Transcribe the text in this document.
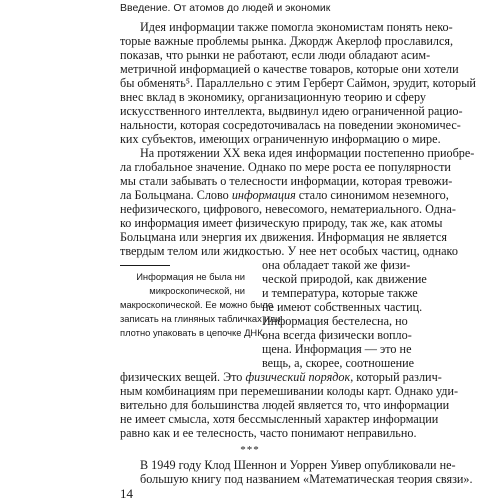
Введение. От атомов до людей и экономик
Идея информации также помогла экономистам понять неко-
торые важные проблемы рынка. Джордж Акерлоф прославился,
показав, что рынки не работают, если люди обладают асим-
метричной информацией о качестве товаров, которые они хотели
бы обменять⁵. Параллельно с этим Герберт Саймон, эрудит, который
внес вклад в экономику, организационную теорию и сферу
искусственного интеллекта, выдвинул идею ограниченной рацио-
нальности, которая сосредоточивалась на поведении экономичес-
ких субъектов, имеющих ограниченную информацию о мире.
На протяжении XX века идея информации постепенно приобре-
ла глобальное значение. Однако по мере роста ее популярности
мы стали забывать о телесности информации, которая тревожи-
ла Больцмана. Слово информация стало синонимом неземного,
нефизического, цифрового, невесомого, нематериального. Одна-
ко информация имеет физическую природу, так же, как атомы
Больцмана или энергия их движения. Информация не является
твердым телом или жидкостью. У нее нет особых частиц, однако
она обладает такой же физи-
ческой природой, как движение
и температура, которые также
не имеют собственных частиц.
Информация бестелесна, но
она всегда физически вопло-
щена. Информация — это не
вещь, а, скорее, соотношение
Информация не была ни
микроскопической, ни
макроскопической. Ее можно было
записать на глиняных табличках или
плотно упаковать в цепочке ДНК.
физических вещей. Это физический порядок, который различ-
ным комбинациям при перемешивании колоды карт. Однако уди-
вительно для большинства людей является то, что информации
не имеет смысла, хотя бессмысленный характер информации
равно как и ее телесность, часто понимают неправильно.
***
В 1949 году Клод Шеннон и Уоррен Уивер опубликовали не-
большую книгу под названием «Математическая теория связи».
14
